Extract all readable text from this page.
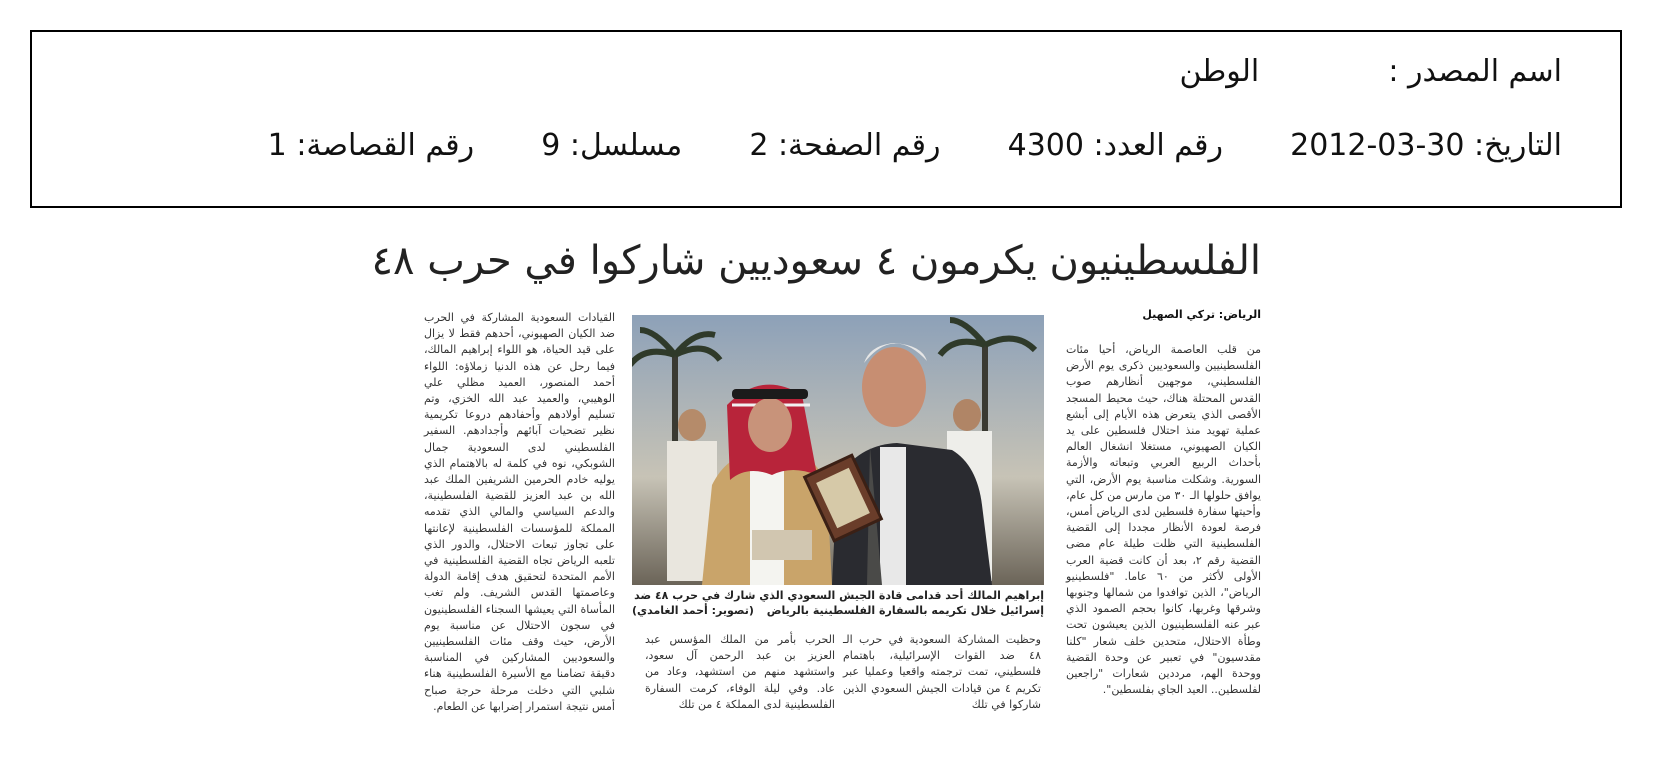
اسم المصدر :  الوطن
التاريخ: 2012-03-30  رقم العدد: 4300  رقم الصفحة: 2  مسلسل: 9  رقم القصاصة: 1
الفلسطينيون يكرمون ٤ سعوديين شاركوا في حرب ٤٨
الرياض: تركي الصهيل

من قلب العاصمة الرياض، أحيا مئات الفلسطينيين والسعوديين ذكرى يوم الأرض الفلسطيني، موجهين أنظارهم صوب القدس المحتلة هناك، حيث محيط المسجد الأقصى الذي يتعرض هذه الأيام إلى أبشع عملية تهويد منذ احتلال فلسطين على يد الكيان الصهيوني، مستغلا انشغال العالم بأحداث الربيع العربي وتبعاته والأزمة السورية. وشكلت مناسبة يوم الأرض، التي يوافق حلولها الـ ٣٠ من مارس من كل عام، وأحيتها سفارة فلسطين لدى الرياض أمس، فرصة لعودة الأنظار مجددا إلى القضية الفلسطينية التي ظلت طيلة عام مضى القضية رقم ٢، بعد أن كانت قضية العرب الأولى لأكثر من ٦٠ عاما. "فلسطينيو الرياض"، الذين توافدوا من شمالها وجنوبها وشرقها وغربها، كانوا بحجم الصمود الذي عبر عنه الفلسطينيون الذين يعيشون تحت وطأة الاحتلال، متحدين خلف شعار "كلنا مقدسيون" في تعبير عن وحدة القضية ووحدة الهم، مرددين شعارات "راجعين لفلسطين.. العيد الجاي بفلسطين".

إبراهيم المالك أحد قدامى قادة الجيش السعودي الذي شارك في حرب ٤٨ ضد إسرائيل خلال تكريمه بالسفارة الفلسطينية بالرياض
(تصوير: أحمد الغامدي)

وحظيت المشاركة السعودية في حرب الـ ٤٨ ضد القوات الإسرائيلية، باهتمام فلسطيني، تمت ترجمته واقعيا وعمليا عبر تكريم ٤ من قيادات الجيش السعودي الذين شاركوا في تلك

الحرب بأمر من الملك المؤسس عبد العزيز بن عبد الرحمن آل سعود، واستشهد منهم من استشهد، وعاد من عاد. وفي ليلة الوفاء، كرمت السفارة الفلسطينية لدى المملكة ٤ من تلك

القيادات السعودية المشاركة في الحرب ضد الكيان الصهيوني، أحدهم فقط لا يزال على قيد الحياة، هو اللواء إبراهيم المالك، فيما رحل عن هذه الدنيا زملاؤه: اللواء أحمد المنصور، العميد مظلي علي الوهيبي، والعميد عبد الله الخزي، وتم تسليم أولادهم وأحفادهم دروعا تكريمية نظير تضحيات آبائهم وأجدادهم. السفير الفلسطيني لدى السعودية جمال الشوبكي، نوه في كلمة له بالاهتمام الذي يوليه خادم الحرمين الشريفين الملك عبد الله بن عبد العزيز للقضية الفلسطينية، والدعم السياسي والمالي الذي تقدمه المملكة للمؤسسات الفلسطينية لإعانتها على تجاوز تبعات الاحتلال، والدور الذي تلعبه الرياض تجاه القضية الفلسطينية في الأمم المتحدة لتحقيق هدف إقامة الدولة وعاصمتها القدس الشريف. ولم تغب المأساة التي يعيشها السجناء الفلسطينيون في سجون الاحتلال عن مناسبة يوم الأرض، حيث وقف مئات الفلسطينيين والسعوديين المشاركين في المناسبة دقيقة تضامنا مع الأسيرة الفلسطينية هناء شلبي التي دخلت مرحلة حرجة صباح أمس نتيجة استمرار إضرابها عن الطعام.
